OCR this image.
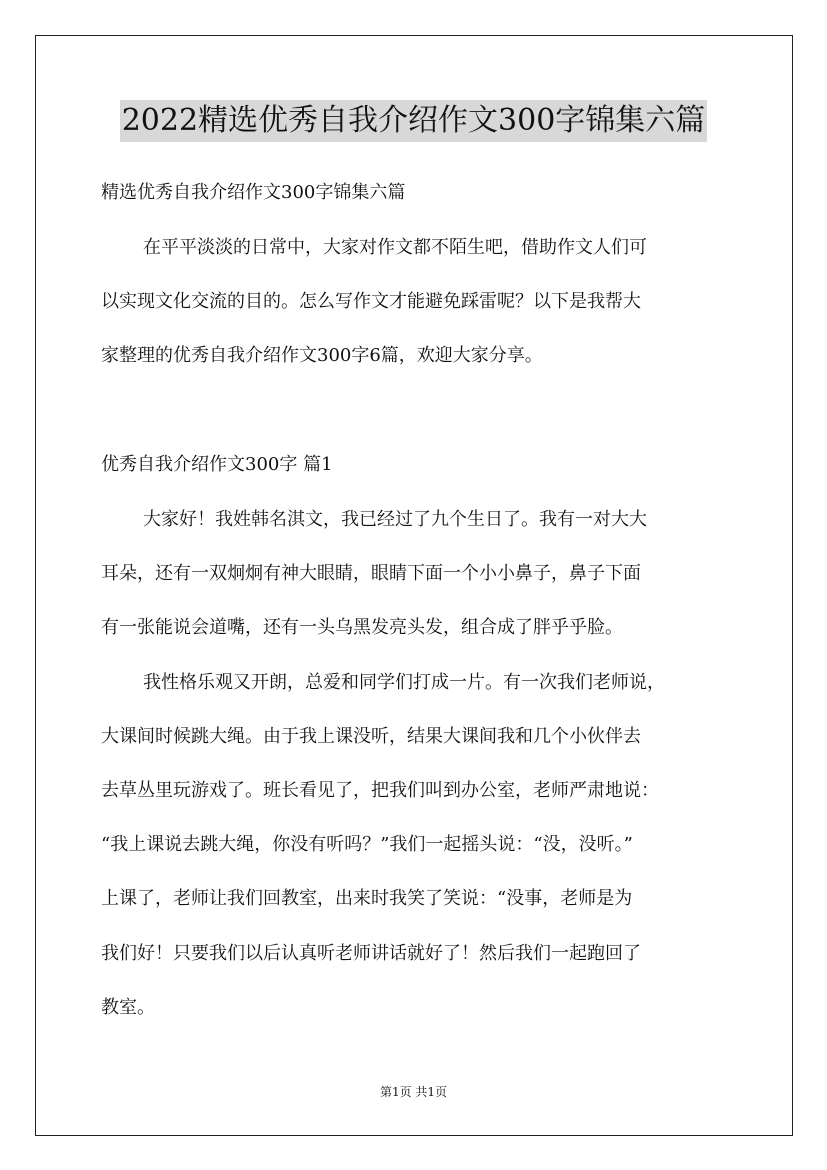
2022精选优秀自我介绍作文300字锦集六篇
精选优秀自我介绍作文300字锦集六篇
在平平淡淡的日常中，大家对作文都不陌生吧，借助作文人们可
以实现文化交流的目的。怎么写作文才能避免踩雷呢？以下是我帮大
家整理的优秀自我介绍作文300字6篇，欢迎大家分享。
优秀自我介绍作文300字 篇1
大家好！我姓韩名淇文，我已经过了九个生日了。我有一对大大
耳朵，还有一双炯炯有神大眼睛，眼睛下面一个小小鼻子，鼻子下面
有一张能说会道嘴，还有一头乌黑发亮头发，组合成了胖乎乎脸。
我性格乐观又开朗，总爱和同学们打成一片。有一次我们老师说，
大课间时候跳大绳。由于我上课没听，结果大课间我和几个小伙伴去
去草丛里玩游戏了。班长看见了，把我们叫到办公室，老师严肃地说：
“我上课说去跳大绳，你没有听吗？”我们一起摇头说：“没，没听。”
上课了，老师让我们回教室，出来时我笑了笑说：“没事，老师是为
我们好！只要我们以后认真听老师讲话就好了！然后我们一起跑回了
教室。
第1页 共1页
